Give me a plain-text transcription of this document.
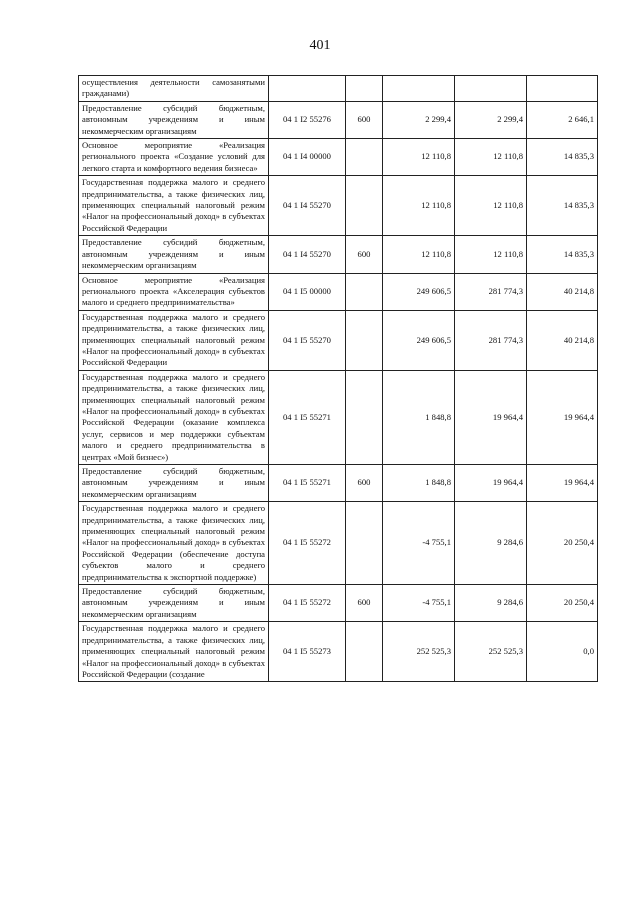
401
осуществления деятельности самозанятыми гражданами)					
Предоставление субсидий бюджетным, автономным учреждениям и иным некоммерческим организациям	04 1 I2 55276	600	2 299,4	2 299,4	2 646,1
Основное мероприятие «Реализация регионального проекта «Создание условий для легкого старта и комфортного ведения бизнеса»	04 1 I4 00000		12 110,8	12 110,8	14 835,3
Государственная поддержка малого и среднего предпринимательства, а также физических лиц, применяющих специальный налоговый режим «Налог на профессиональный доход» в субъектах Российской Федерации	04 1 I4 55270		12 110,8	12 110,8	14 835,3
Предоставление субсидий бюджетным, автономным учреждениям и иным некоммерческим организациям	04 1 I4 55270	600	12 110,8	12 110,8	14 835,3
Основное мероприятие «Реализация регионального проекта «Акселерация субъектов малого и среднего предпринимательства»	04 1 I5 00000		249 606,5	281 774,3	40 214,8
Государственная поддержка малого и среднего предпринимательства, а также физических лиц, применяющих специальный налоговый режим «Налог на профессиональный доход» в субъектах Российской Федерации	04 1 I5 55270		249 606,5	281 774,3	40 214,8
Государственная поддержка малого и среднего предпринимательства, а также физических лиц, применяющих специальный налоговый режим «Налог на профессиональный доход» в субъектах Российской Федерации (оказание комплекса услуг, сервисов и мер поддержки субъектам малого и среднего предпринимательства в центрах «Мой бизнес»)	04 1 I5 55271		1 848,8	19 964,4	19 964,4
Предоставление субсидий бюджетным, автономным учреждениям и иным некоммерческим организациям	04 1 I5 55271	600	1 848,8	19 964,4	19 964,4
Государственная поддержка малого и среднего предпринимательства, а также физических лиц, применяющих специальный налоговый режим «Налог на профессиональный доход» в субъектах Российской Федерации (обеспечение доступа субъектов малого и среднего предпринимательства к экспортной поддержке)	04 1 I5 55272		-4 755,1	9 284,6	20 250,4
Предоставление субсидий бюджетным, автономным учреждениям и иным некоммерческим организациям	04 1 I5 55272	600	-4 755,1	9 284,6	20 250,4
Государственная поддержка малого и среднего предпринимательства, а также физических лиц, применяющих специальный налоговый режим «Налог на профессиональный доход» в субъектах Российской Федерации (создание	04 1 I5 55273		252 525,3	252 525,3	0,0
